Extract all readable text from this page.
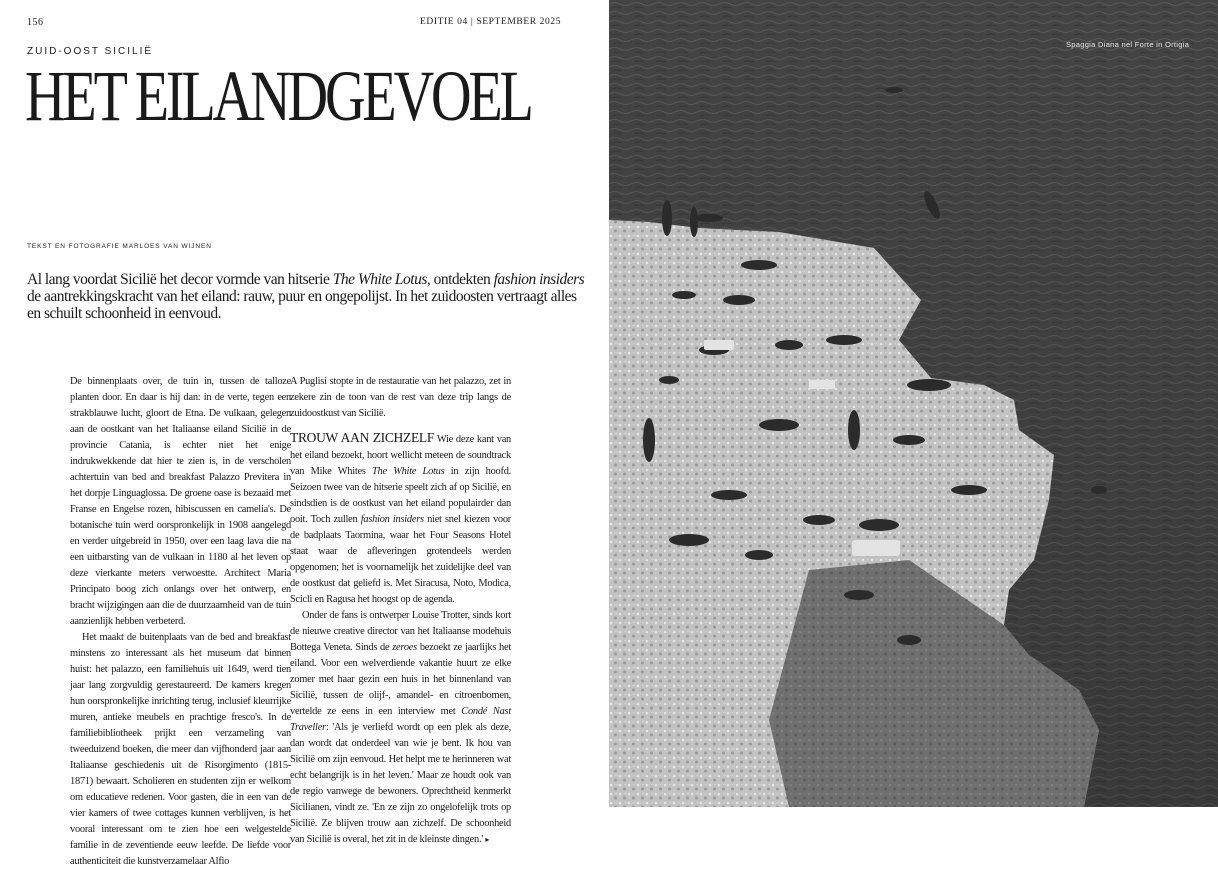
156	EDITIE 04 | SEPTEMBER 2025
ZUID-OOST SICILIË
HET EILANDGEVOEL
TEKST EN FOTOGRAFIE MARLOES VAN WIJNEN

Al lang voordat Sicilië het decor vormde van hitserie The White Lotus, ontdekten fashion insiders de aantrekkingskracht van het eiland: rauw, puur en ongepolijst. In het zuidoosten vertraagt alles en schuilt schoonheid in eenvoud.

De binnenplaats over, de tuin in, tussen de talloze planten door. En daar is hij dan: in de verte, tegen een strakblauwe lucht, gloort de Etna. De vulkaan, gelegen aan de oostkant van het Italiaanse eiland Sicilië in de provincie Catania, is echter niet het enige indrukwekkende dat hier te zien is, in de verscholen achtertuin van bed and breakfast Palazzo Previtera in het dorpje Linguaglossa. De groene oase is bezaaid met Franse en Engelse rozen, hibiscussen en camelia's. De botanische tuin werd oorspronkelijk in 1908 aangelegd en verder uitgebreid in 1950, over een laag lava die na een uitbarsting van de vulkaan in 1180 al het leven op deze vierkante meters verwoestte. Architect Maria Principato boog zich onlangs over het ontwerp, en bracht wijzigingen aan die de duurzaamheid van de tuin aanzienlijk hebben verbeterd.

Het maakt de buitenplaats van de bed and breakfast minstens zo interessant als het museum dat binnen huist: het palazzo, een familiehuis uit 1649, werd tien jaar lang zorgvuldig gerestaureerd. De kamers kregen hun oorspronkelijke inrichting terug, inclusief kleurrijke muren, antieke meubels en prachtige fresco's. In de familiebibliotheek prijkt een verzameling van tweeduizend boeken, die meer dan vijfhonderd jaar aan Italiaanse geschiedenis uit de Risorgimento (1815-1871) bewaart. Scholieren en studenten zijn er welkom om educatieve redenen. Voor gasten, die in een van de vier kamers of twee cottages kunnen verblijven, is het vooral interessant om te zien hoe een welgestelde familie in de zeventiende eeuw leefde. De liefde voor authenticiteit die kunstverzamelaar Alfio

A Puglisi stopte in de restauratie van het palazzo, zet in zekere zin de toon van de rest van deze trip langs de zuidoostkust van Sicilië.

TROUW AAN ZICHZELF Wie deze kant van het eiland bezoekt, hoort wellicht meteen de soundtrack van Mike Whites The White Lotus in zijn hoofd. Seizoen twee van de hitserie speelt zich af op Sicilië, en sindsdien is de oostkust van het eiland populairder dan ooit. Toch zullen fashion insiders niet snel kiezen voor de badplaats Taormina, waar het Four Seasons Hotel staat waar de afleveringen grotendeels werden opgenomen; het is voornamelijk het zuidelijke deel van de oostkust dat geliefd is. Met Siracusa, Noto, Modica, Scicli en Ragusa het hoogst op de agenda.

Onder de fans is ontwerper Louise Trotter, sinds kort de nieuwe creative director van het Italiaanse modehuis Bottega Veneta. Sinds de zeroes bezoekt ze jaarlijks het eiland. Voor een welverdiende vakantie huurt ze elke zomer met haar gezin een huis in het binnenland van Sicilië, tussen de olijf-, amandel- en citroenbomen, vertelde ze eens in een interview met Condé Nast Traveller: 'Als je verliefd wordt op een plek als deze, dan wordt dat onderdeel van wie je bent. Ik hou van Sicilië om zijn eenvoud. Het helpt me te herinneren wat echt belangrijk is in het leven.' Maar ze houdt ook van de regio vanwege de bewoners. Oprechtheid kenmerkt Sicilianen, vindt ze. 'En ze zijn zo ongelofelijk trots op Sicilië. Ze blijven trouw aan zichzelf. De schoonheid van Sicilië is overal, het zit in de kleinste dingen.' ▸

Spaggia Diana nel Forte in Ortigia
